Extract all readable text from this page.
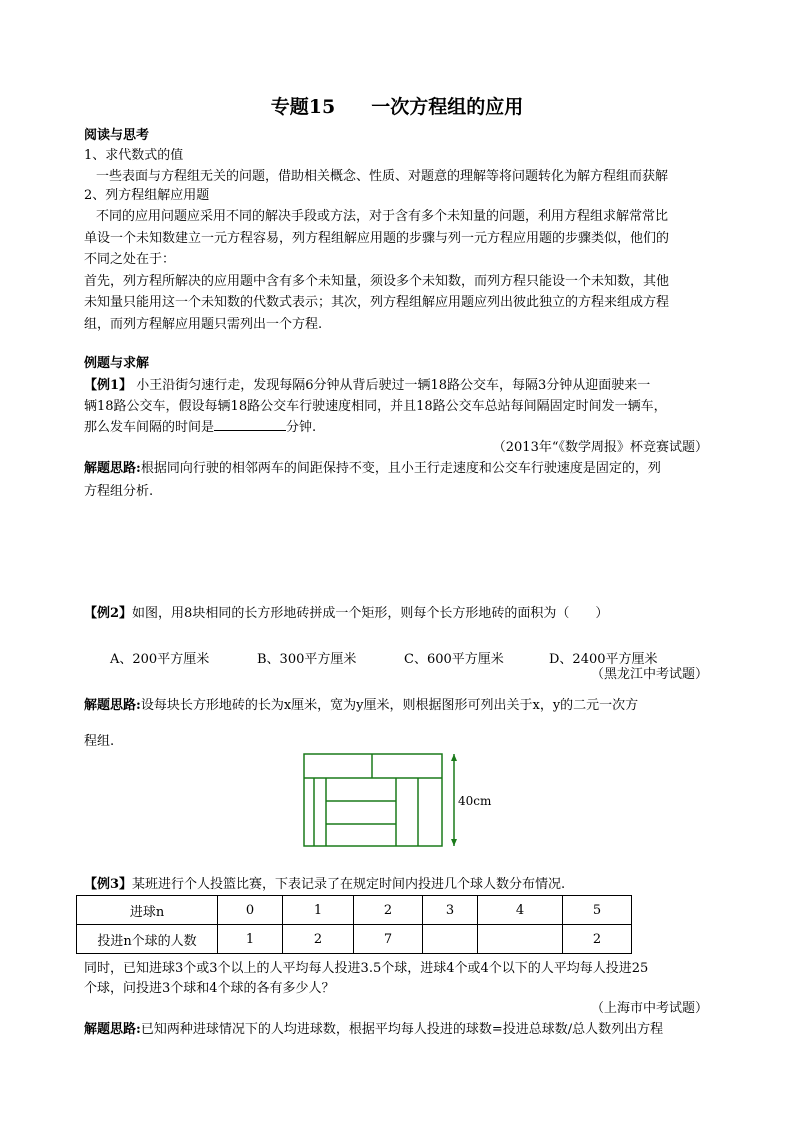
专题15 一次方程组的应用
阅读与思考
1、求代数式的值
一些表面与方程组无关的问题，借助相关概念、性质、对题意的理解等将问题转化为解方程组而获解
2、列方程组解应用题
不同的应用问题应采用不同的解决手段或方法，对于含有多个未知量的问题，利用方程组求解常常比
单设一个未知数建立一元方程容易，列方程组解应用题的步骤与列一元方程应用题的步骤类似，他们的
不同之处在于：
首先，列方程所解决的应用题中含有多个未知量，须设多个未知数，而列方程只能设一个未知数，其他
未知量只能用这一个未知数的代数式表示；其次，列方程组解应用题应列出彼此独立的方程来组成方程
组，而列方程解应用题只需列出一个方程.
例题与求解
【例1】 小王沿街匀速行走，发现每隔6分钟从背后驶过一辆18路公交车，每隔3分钟从迎面驶来一
辆18路公交车，假设每辆18路公交车行驶速度相同，并且18路公交车总站每间隔固定时间发一辆车，
那么发车间隔的时间是	分钟.
（2013年“《数学周报》杯竞赛试题）
解题思路:根据同向行驶的相邻两车的间距保持不变，且小王行走速度和公交车行驶速度是固定的，列
方程组分析.
【例2】如图，用8块相同的长方形地砖拼成一个矩形，则每个长方形地砖的面积为（　　）
A、200平方厘米	B、300平方厘米	C、600平方厘米	D、2400平方厘米
（黑龙江中考试题）
解题思路:设每块长方形地砖的长为x厘米，宽为y厘米，则根据图形可列出关于x，y的二元一次方
程组.
40cm
【例3】某班进行个人投篮比赛，下表记录了在规定时间内投进几个球人数分布情况.
进球n	0	1	2	3	4	5
投进n个球的人数	1	2	7			2
同时，已知进球3个或3个以上的人平均每人投进3.5个球，进球4个或4个以下的人平均每人投进25
个球，问投进3个球和4个球的各有多少人？
（上海市中考试题）
解题思路:已知两种进球情况下的人均进球数，根据平均每人投进的球数=投进总球数/总人数列出方程
